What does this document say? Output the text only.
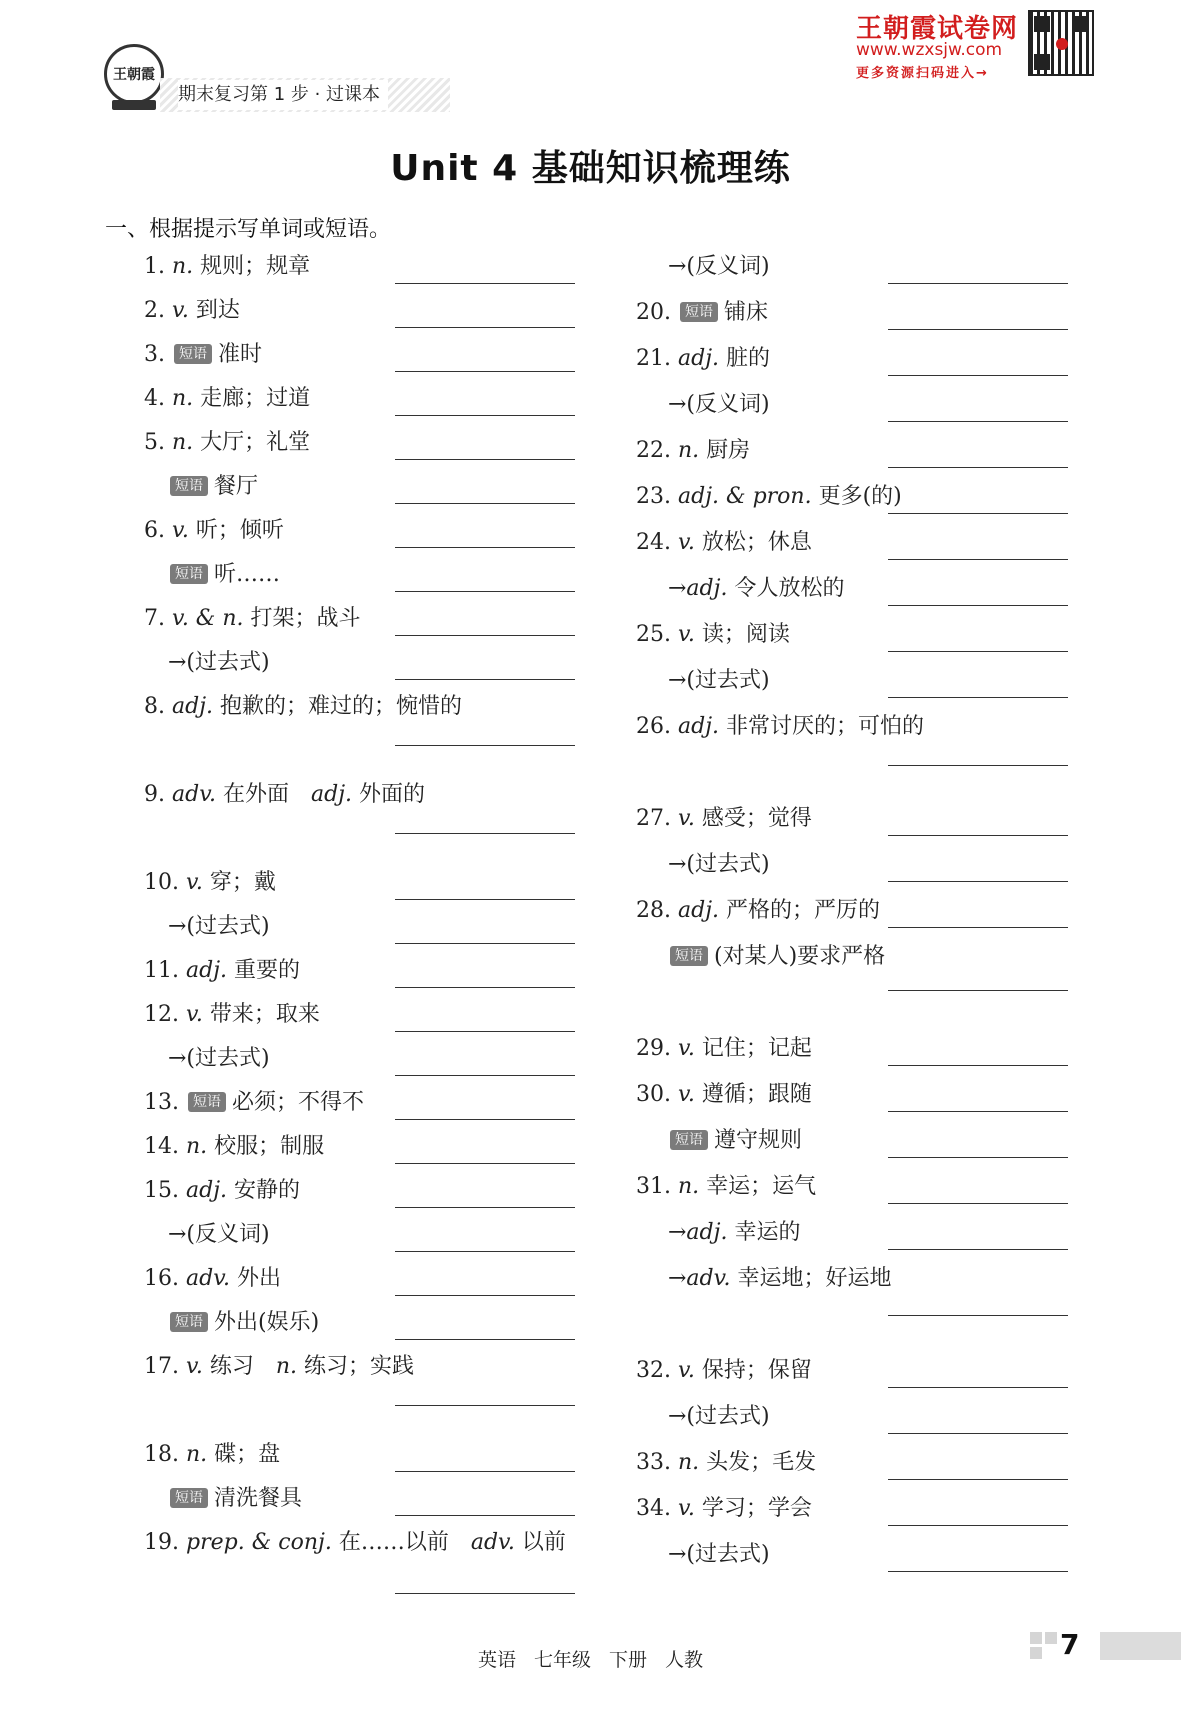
王朝霞
期末复习第 1 步 · 过课本
王朝霞试卷网
www.wzxsjw.com
更多资源扫码进入→
Unit 4 基础知识梳理练
一、根据提示写单词或短语。
1. n. 规则；规章
2. v. 到达
3. 短语 准时
4. n. 走廊；过道
5. n. 大厅；礼堂
短语 餐厅
6. v. 听；倾听
短语 听……
7. v. & n. 打架；战斗
→(过去式)
8. adj. 抱歉的；难过的；惋惜的
9. adv. 在外面 adj. 外面的
10. v. 穿；戴
→(过去式)
11. adj. 重要的
12. v. 带来；取来
→(过去式)
13. 短语 必须；不得不
14. n. 校服；制服
15. adj. 安静的
→(反义词)
16. adv. 外出
短语 外出(娱乐)
17. v. 练习 n. 练习；实践
18. n. 碟；盘
短语 清洗餐具
19. prep. & conj. 在……以前 adv. 以前
→(反义词)
20. 短语 铺床
21. adj. 脏的
→(反义词)
22. n. 厨房
23. adj. & pron. 更多(的)
24. v. 放松；休息
→adj. 令人放松的
25. v. 读；阅读
→(过去式)
26. adj. 非常讨厌的；可怕的
27. v. 感受；觉得
→(过去式)
28. adj. 严格的；严厉的
短语 (对某人)要求严格
29. v. 记住；记起
30. v. 遵循；跟随
短语 遵守规则
31. n. 幸运；运气
→adj. 幸运的
→adv. 幸运地；好运地
32. v. 保持；保留
→(过去式)
33. n. 头发；毛发
34. v. 学习；学会
→(过去式)
英语 七年级 下册 人教	7
